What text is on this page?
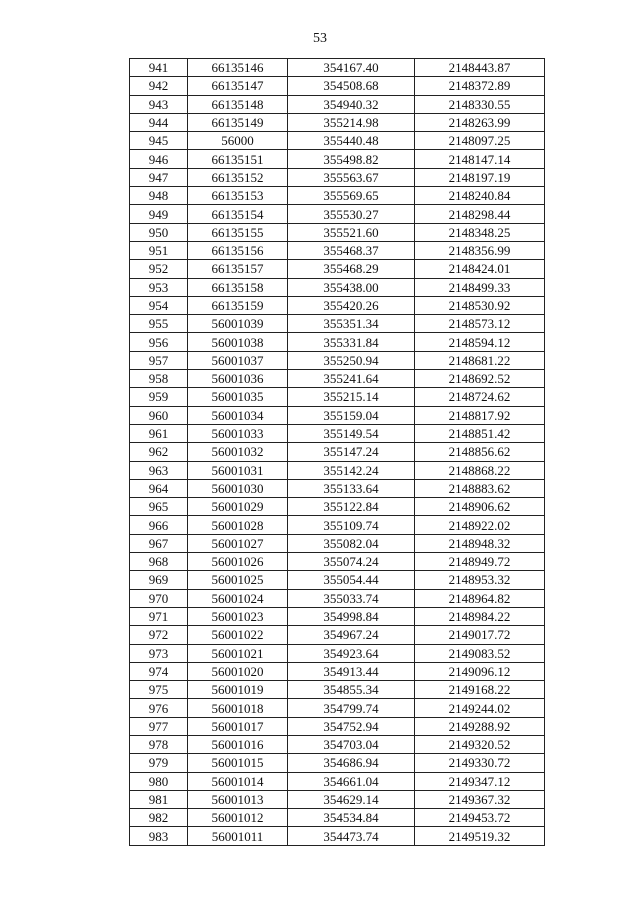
53
941	66135146	354167.40	2148443.87
942	66135147	354508.68	2148372.89
943	66135148	354940.32	2148330.55
944	66135149	355214.98	2148263.99
945	56000	355440.48	2148097.25
946	66135151	355498.82	2148147.14
947	66135152	355563.67	2148197.19
948	66135153	355569.65	2148240.84
949	66135154	355530.27	2148298.44
950	66135155	355521.60	2148348.25
951	66135156	355468.37	2148356.99
952	66135157	355468.29	2148424.01
953	66135158	355438.00	2148499.33
954	66135159	355420.26	2148530.92
955	56001039	355351.34	2148573.12
956	56001038	355331.84	2148594.12
957	56001037	355250.94	2148681.22
958	56001036	355241.64	2148692.52
959	56001035	355215.14	2148724.62
960	56001034	355159.04	2148817.92
961	56001033	355149.54	2148851.42
962	56001032	355147.24	2148856.62
963	56001031	355142.24	2148868.22
964	56001030	355133.64	2148883.62
965	56001029	355122.84	2148906.62
966	56001028	355109.74	2148922.02
967	56001027	355082.04	2148948.32
968	56001026	355074.24	2148949.72
969	56001025	355054.44	2148953.32
970	56001024	355033.74	2148964.82
971	56001023	354998.84	2148984.22
972	56001022	354967.24	2149017.72
973	56001021	354923.64	2149083.52
974	56001020	354913.44	2149096.12
975	56001019	354855.34	2149168.22
976	56001018	354799.74	2149244.02
977	56001017	354752.94	2149288.92
978	56001016	354703.04	2149320.52
979	56001015	354686.94	2149330.72
980	56001014	354661.04	2149347.12
981	56001013	354629.14	2149367.32
982	56001012	354534.84	2149453.72
983	56001011	354473.74	2149519.32
